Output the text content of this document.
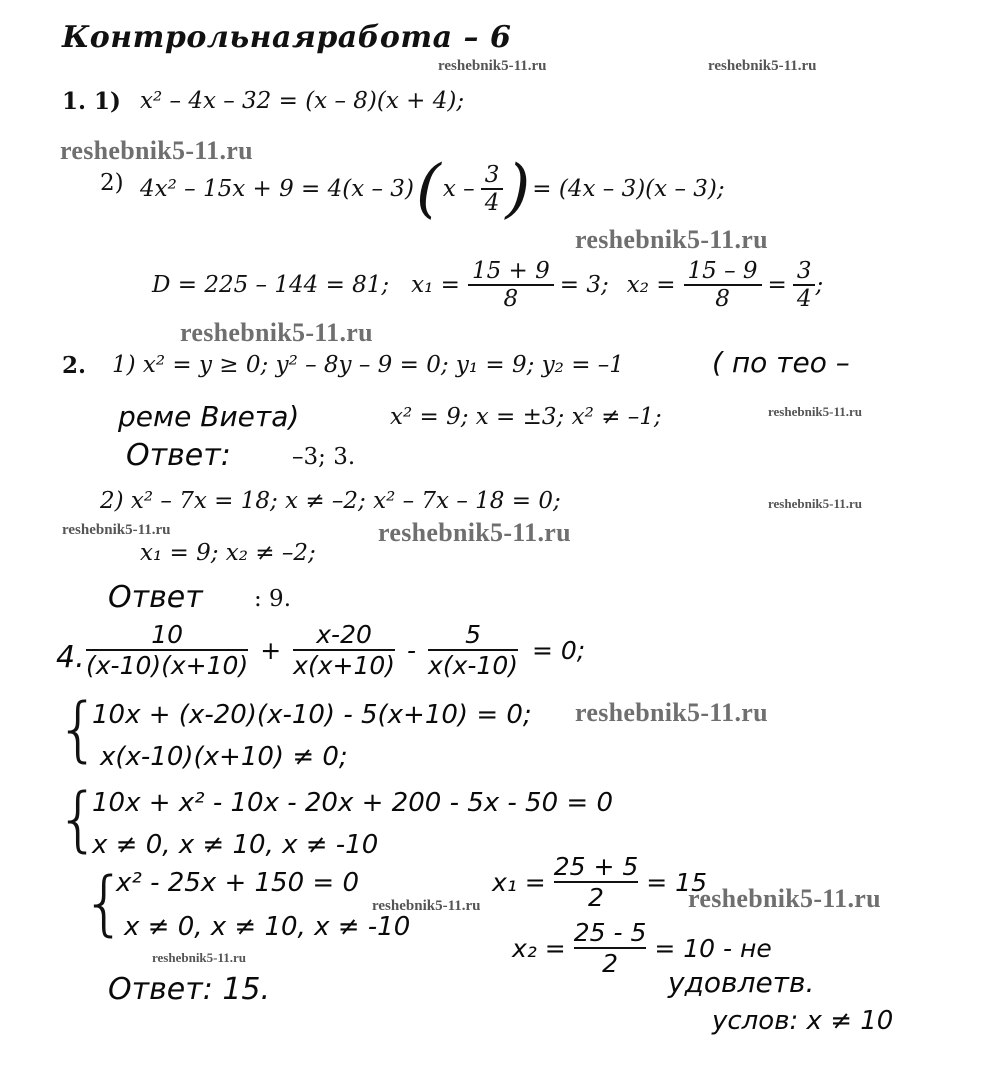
Контрольнаяработа – 6
reshebnik5-11.ru	reshebnik5-11.ru
reshebnik5-11.ru
reshebnik5-11.ru
reshebnik5-11.ru
reshebnik5-11.ru
reshebnik5-11.ru
reshebnik5-11.ru	reshebnik5-11.ru
reshebnik5-11.ru
reshebnik5-11.ru
reshebnik5-11.ru
reshebnik5-11.ru
1. 1) x² – 4x – 32 = (x – 8)(x + 4);
2) 4x² – 15x + 9 = 4(x – 3) ( x – $\frac{3}{4}$ ) = (4x – 3)(x – 3);
D = 225 – 144 = 81; $x_1 = \frac{15 + 9}{8} = 3$; $x_2 = \frac{15 - 9}{8} = \frac{3}{4}$ ;
2. 1) x² = y ≥ 0; y² – 8y – 9 = 0; y₁ = 9; y₂ = –1	( по тео –
реме Виета)	x² = 9; x = ±3; x² ≠ –1;
Ответ:	–3; 3.
2) x² – 7x = 18; x ≠ –2; x² – 7x – 18 = 0;
x₁ = 9; x₂ ≠ –2;
Ответ : 9.
4.
10
(x-10)(x+10)
+
x-20
x(x+10)
-
5
x(x-10)
= 0;
{
10x + (x-20)(x-10) - 5(x+10) = 0;
x(x-10)(x+10) ≠ 0;
{
10x + x² - 10x - 20x + 200 - 5x - 50 = 0
x ≠ 0, x ≠ 10, x ≠ -10
{
x² - 25x + 150 = 0
x ≠ 0, x ≠ 10, x ≠ -10
x₁ =
25 + 5
2
= 15
x₂ =
25 - 5
2
= 10 - не
удовлетв.
услов: x ≠ 10
Ответ: 15.
